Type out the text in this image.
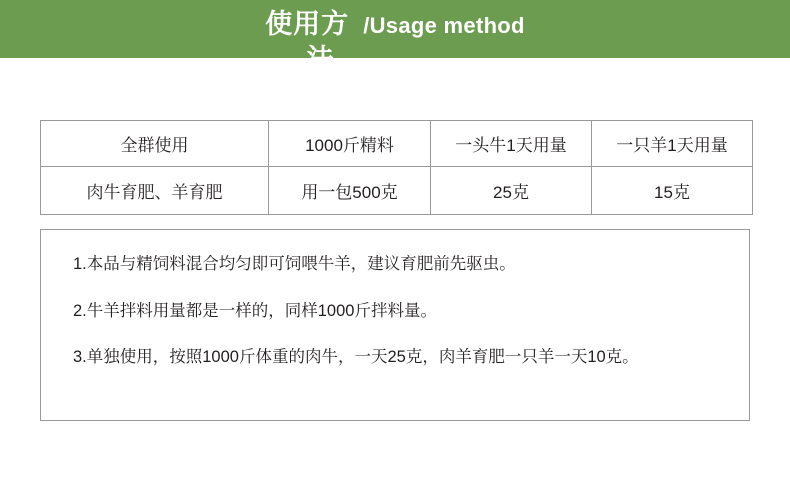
使用方 /Usage method
法
全群使用	1000斤精料	一头牛1天用量	一只羊1天用量
肉牛育肥、羊育肥	用一包500克	25克	15克
1.本品与精饲料混合均匀即可饲喂牛羊，建议育肥前先驱虫。
2.牛羊拌料用量都是一样的，同样1000斤拌料量。
3.单独使用，按照1000斤体重的肉牛，一天25克，肉羊育肥一只羊一天10克。
